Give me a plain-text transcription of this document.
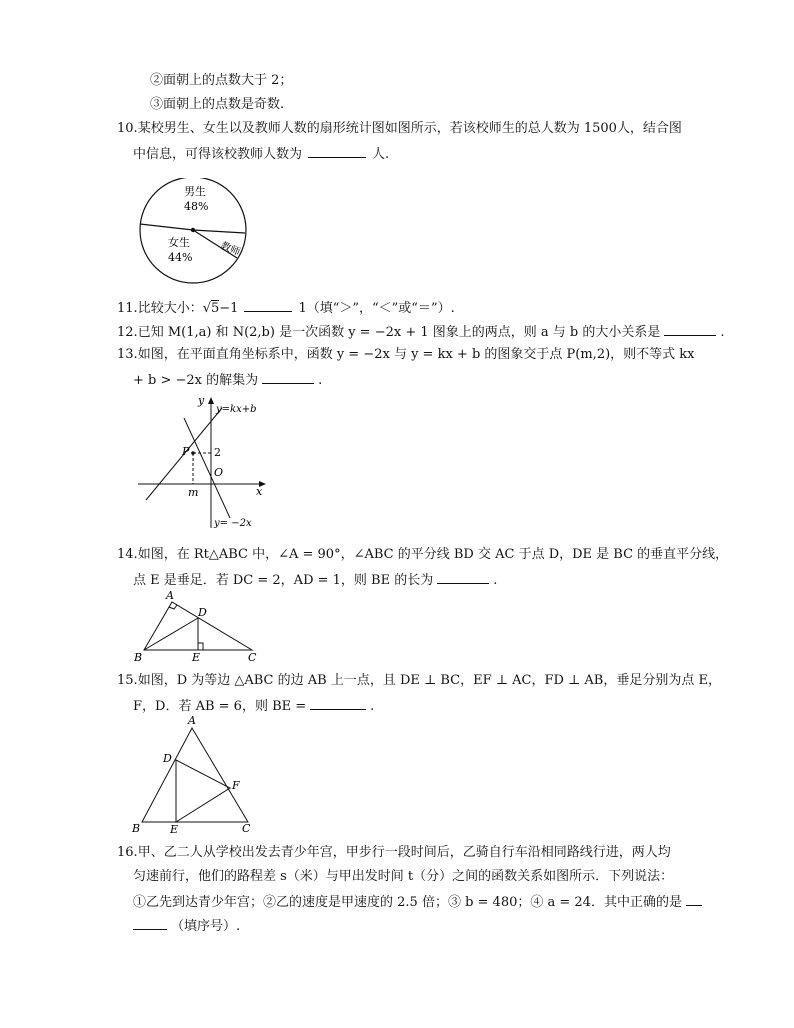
②面朝上的点数大于 2；
③面朝上的点数是奇数.
10.某校男生、女生以及教师人数的扇形统计图如图所示，若该校师生的总人数为 1500人，结合图
中信息，可得该校教师人数为	人.
男生
48%
女生
44%	教师
11.比较大小：√5−1	1（填“＞”，“＜”或“＝”）.
12.已知 M(1,a) 和 N(2,b) 是一次函数 y = −2x + 1 图象上的两点，则 a 与 b 的大小关系是	.
13.如图，在平面直角坐标系中，函数 y = −2x 与 y = kx + b 的图象交于点 P(m,2)，则不等式 kx
+ b > −2x 的解集为	.
y
x
y=kx+b
y= −2x
P 2
O
m
14.如图，在 Rt△ABC 中，∠A = 90°，∠ABC 的平分线 BD 交 AC 于点 D，DE 是 BC 的垂直平分线，
点 E 是垂足．若 DC = 2，AD = 1，则 BE 的长为	.
A
B	C
D
E
15.如图，D 为等边 △ABC 的边 AB 上一点，且 DE ⊥ BC，EF ⊥ AC，FD ⊥ AB，垂足分别为点 E，
F，D．若 AB = 6，则 BE =	.
A
B	C
D
E
F
16.甲、乙二人从学校出发去青少年宫，甲步行一段时间后，乙骑自行车沿相同路线行进，两人均
匀速前行，他们的路程差 s（米）与甲出发时间 t（分）之间的函数关系如图所示．下列说法：
①乙先到达青少年宫；②乙的速度是甲速度的 2.5 倍；③ b = 480；④ a = 24．其中正确的是
（填序号）.
